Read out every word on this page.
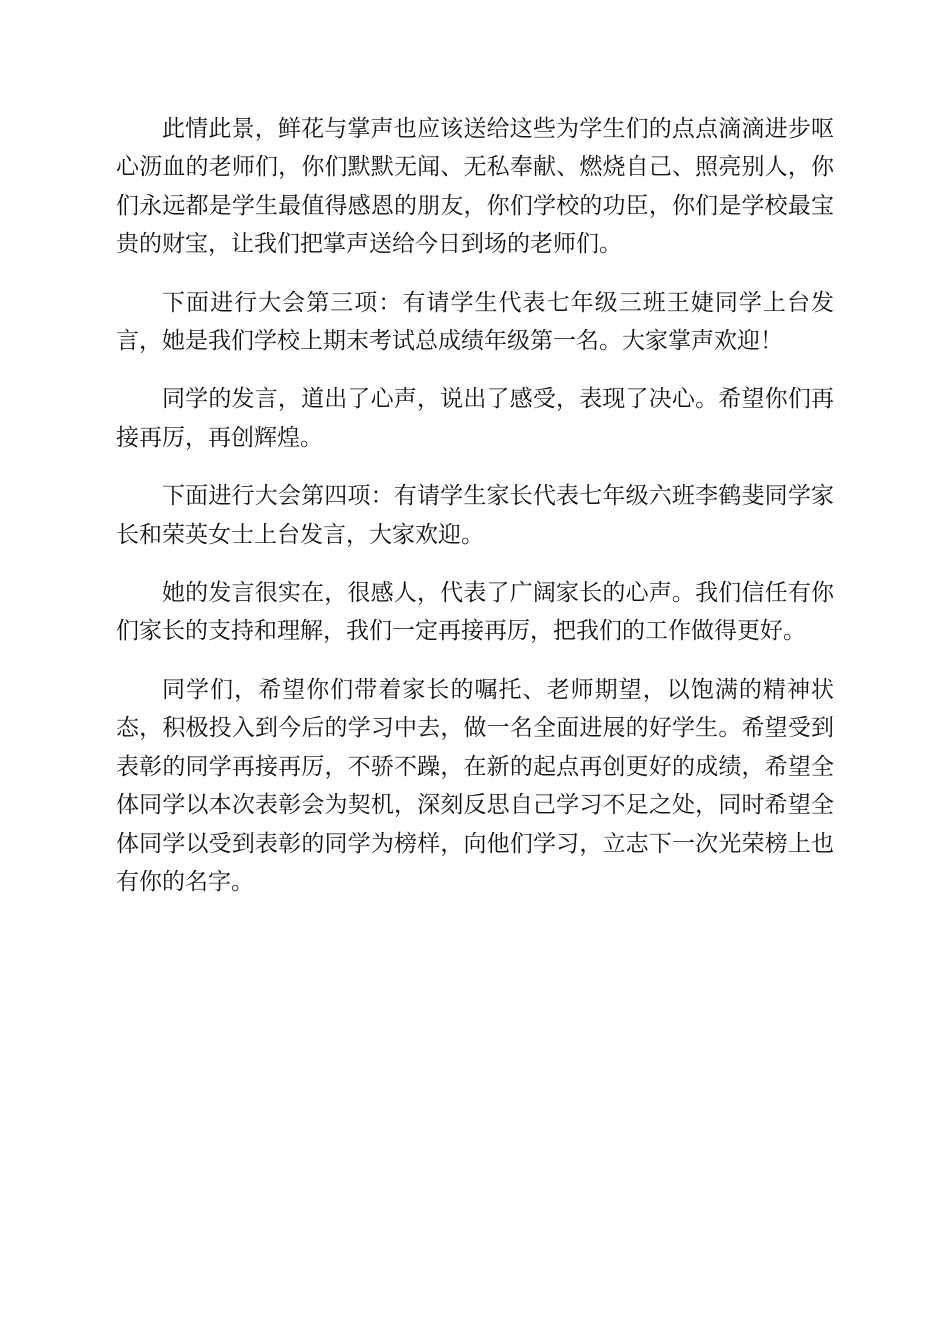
此情此景，鲜花与掌声也应该送给这些为学生们的点点滴滴进步呕心沥血的老师们，你们默默无闻、无私奉献、燃烧自己、照亮别人，你们永远都是学生最值得感恩的朋友，你们学校的功臣，你们是学校最宝贵的财宝，让我们把掌声送给今日到场的老师们。

下面进行大会第三项：有请学生代表七年级三班王婕同学上台发言，她是我们学校上期末考试总成绩年级第一名。大家掌声欢迎！

同学的发言，道出了心声，说出了感受，表现了决心。希望你们再接再厉，再创辉煌。

下面进行大会第四项：有请学生家长代表七年级六班李鹤斐同学家长和荣英女士上台发言，大家欢迎。

她的发言很实在，很感人，代表了广阔家长的心声。我们信任有你们家长的支持和理解，我们一定再接再厉，把我们的工作做得更好。

同学们，希望你们带着家长的嘱托、老师期望，以饱满的精神状态，积极投入到今后的学习中去，做一名全面进展的好学生。希望受到表彰的同学再接再厉，不骄不躁，在新的起点再创更好的成绩，希望全体同学以本次表彰会为契机，深刻反思自己学习不足之处，同时希望全体同学以受到表彰的同学为榜样，向他们学习，立志下一次光荣榜上也有你的名字。
